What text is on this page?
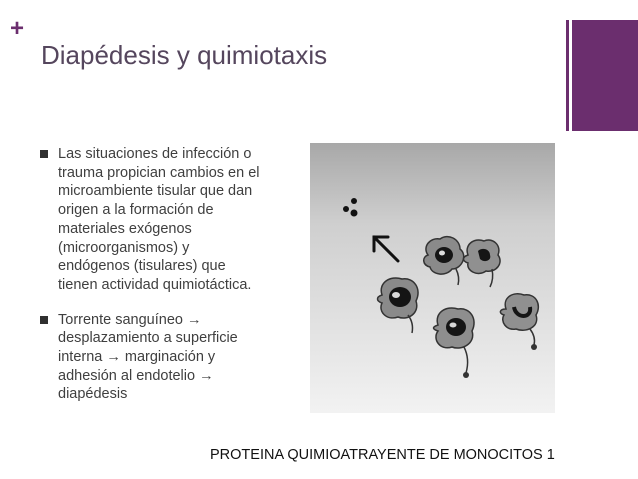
+
Diapédesis y quimiotaxis
Las situaciones de infección o
trauma propician cambios en el
microambiente tisular que dan
origen a la formación de
materiales exógenos
(microorganismos) y
endógenos (tisulares) que
tienen actividad quimiotáctica.
Torrente sanguíneo →
desplazamiento a superficie
interna → marginación y
adhesión al endotelio →
diapédesis
PROTEINA QUIMIOATRAYENTE DE MONOCITOS 1
